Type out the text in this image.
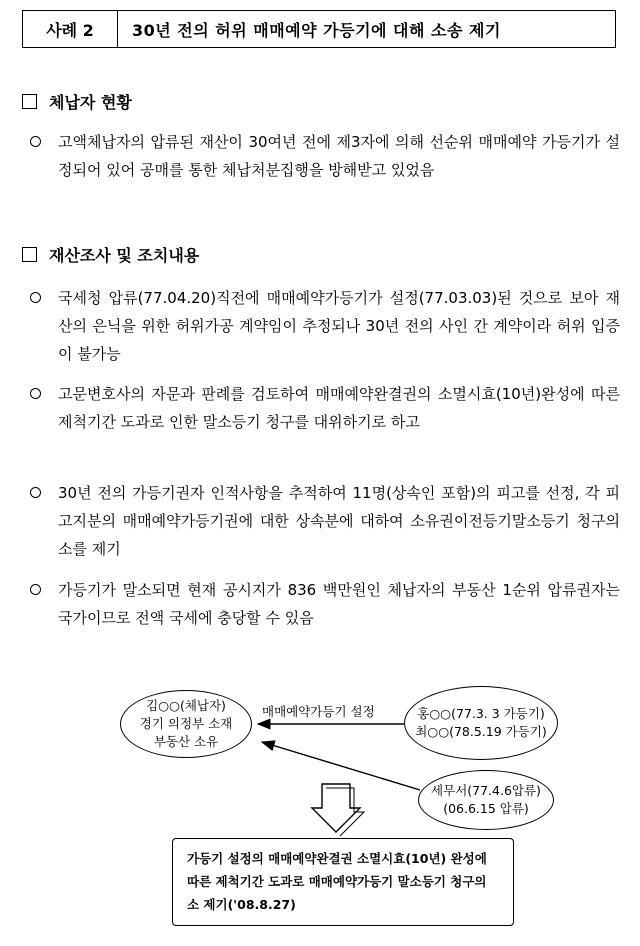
사례 2	30년 전의 허위 매매예약 가등기에 대해 소송 제기
체납자 현황
고액체납자의 압류된 재산이 30여년 전에 제3자에 의해 선순위 매매예약 가등기가 설정되어 있어 공매를 통한 체납처분집행을 방해받고 있었음
재산조사 및 조치내용
국세청 압류(77.04.20)직전에 매매예약가등기가 설정(77.03.03)된 것으로 보아 재산의 은닉을 위한 허위가공 계약임이 추정되나 30년 전의 사인 간 계약이라 허위 입증이 불가능
고문변호사의 자문과 판례를 검토하여 매매예약완결권의 소멸시효(10년)완성에 따른 제척기간 도과로 인한 말소등기 청구를 대위하기로 하고
30년 전의 가등기권자 인적사항을 추적하여 11명(상속인 포함)의 피고를 선정, 각 피고지분의 매매예약가등기권에 대한 상속분에 대하여 소유권이전등기말소등기 청구의 소를 제기
가등기가 말소되면 현재 공시지가 836 백만원인 체납자의 부동산 1순위 압류권자는 국가이므로 전액 국세에 충당할 수 있음
김○○(체납자)
경기 의정부 소재
부동산 소유
매매예약가등기 설정	홍○○(77.3. 3 가등기)
최○○(78.5.19 가등기)
세무서(77.4.6압류)
(06.6.15 압류)
가등기 설정의 매매예약완결권 소멸시효(10년) 완성에 따른 제척기간 도과로 매매예약가등기 말소등기 청구의 소 제기('08.8.27)
